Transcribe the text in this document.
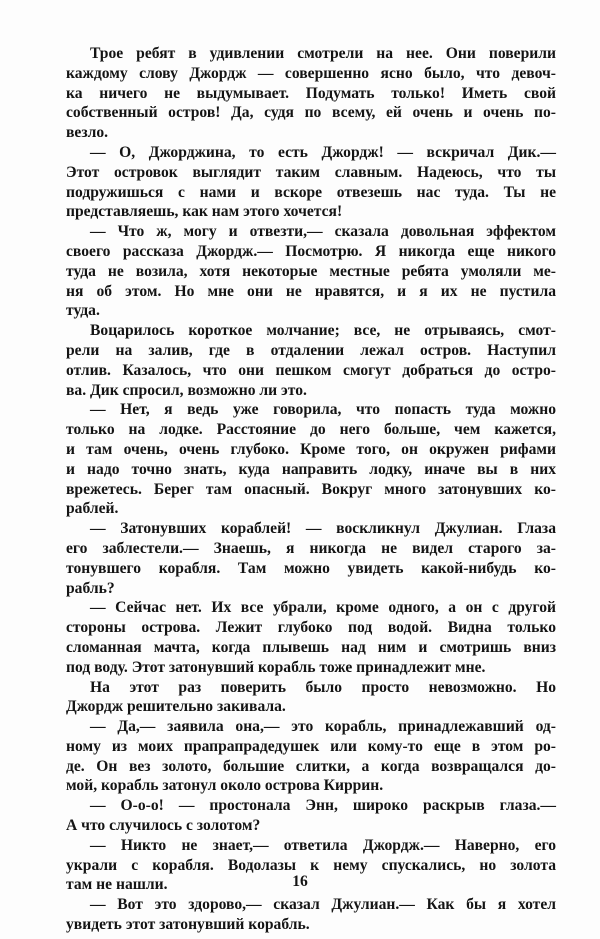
Трое ребят в удивлении смотрели на нее. Они поверили
каждому слову Джордж — совершенно ясно было, что девоч-
ка ничего не выдумывает. Подумать только! Иметь свой
собственный остров! Да, судя по всему, ей очень и очень по-
везло.
— О, Джорджина, то есть Джордж! — вскричал Дик.—
Этот островок выглядит таким славным. Надеюсь, что ты
подружишься с нами и вскоре отвезешь нас туда. Ты не
представляешь, как нам этого хочется!
— Что ж, могу и отвезти,— сказала довольная эффектом
своего рассказа Джордж.— Посмотрю. Я никогда еще никого
туда не возила, хотя некоторые местные ребята умоляли ме-
ня об этом. Но мне они не нравятся, и я их не пустила
туда.
Воцарилось короткое молчание; все, не отрываясь, смот-
рели на залив, где в отдалении лежал остров. Наступил
отлив. Казалось, что они пешком смогут добраться до остро-
ва. Дик спросил, возможно ли это.
— Нет, я ведь уже говорила, что попасть туда можно
только на лодке. Расстояние до него больше, чем кажется,
и там очень, очень глубоко. Кроме того, он окружен рифами
и надо точно знать, куда направить лодку, иначе вы в них
врежетесь. Берег там опасный. Вокруг много затонувших ко-
раблей.
— Затонувших кораблей! — воскликнул Джулиан. Глаза
его заблестели.— Знаешь, я никогда не видел старого за-
тонувшего корабля. Там можно увидеть какой-нибудь ко-
рабль?
— Сейчас нет. Их все убрали, кроме одного, а он с другой
стороны острова. Лежит глубоко под водой. Видна только
сломанная мачта, когда плывешь над ним и смотришь вниз
под воду. Этот затонувший корабль тоже принадлежит мне.
На этот раз поверить было просто невозможно. Но
Джордж решительно закивала.
— Да,— заявила она,— это корабль, принадлежавший од-
ному из моих прапрапрадедушек или кому-то еще в этом ро-
де. Он вез золото, большие слитки, а когда возвращался до-
мой, корабль затонул около острова Киррин.
— О-о-о! — простонала Энн, широко раскрыв глаза.—
А что случилось с золотом?
— Никто не знает,— ответила Джордж.— Наверно, его
украли с корабля. Водолазы к нему спускались, но золота
там не нашли.
— Вот это здорово,— сказал Джулиан.— Как бы я хотел
увидеть этот затонувший корабль.
16
